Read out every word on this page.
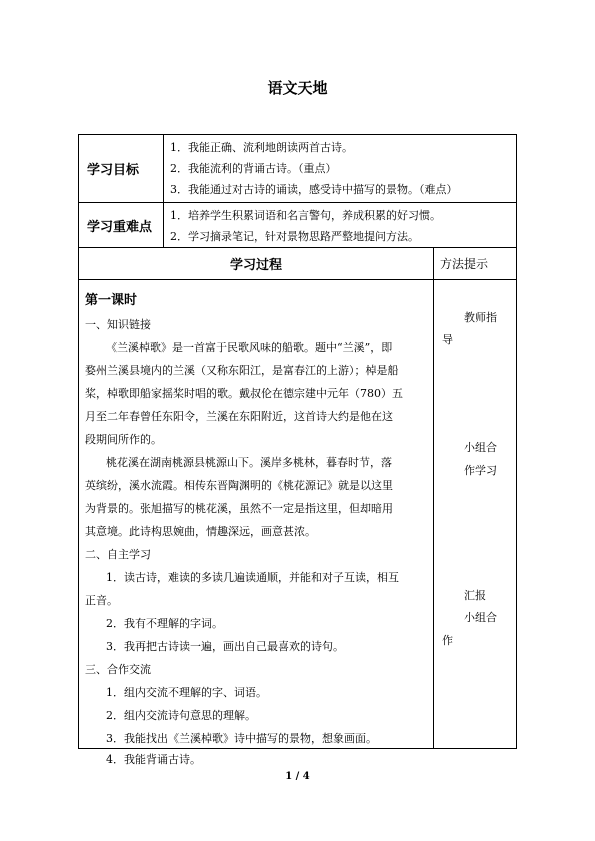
语文天地
学习目标
1．我能正确、流利地朗读两首古诗。
2．我能流利的背诵古诗。（重点）
3．我能通过对古诗的诵读，感受诗中描写的景物。（难点）
学习重难点
1．培养学生积累词语和名言警句，养成积累的好习惯。
2．学习摘录笔记，针对景物思路严整地提问方法。
学习过程	方法提示
第一课时
一、知识链接
《兰溪棹歌》是一首富于民歌风味的船歌。题中“兰溪”，即
婺州兰溪县境内的兰溪（又称东阳江，是富春江的上游）；棹是船
桨，棹歌即船家摇桨时唱的歌。戴叔伦在德宗建中元年（780）五
月至二年春曾任东阳令，兰溪在东阳附近，这首诗大约是他在这
段期间所作的。
桃花溪在湖南桃源县桃源山下。溪岸多桃林，暮春时节，落
英缤纷，溪水流霞。相传东晋陶渊明的《桃花源记》就是以这里
为背景的。张旭描写的桃花溪，虽然不一定是指这里，但却暗用
其意境。此诗构思婉曲，情趣深远，画意甚浓。
二、自主学习
1．读古诗，难读的多读几遍读通顺，并能和对子互读，相互
正音。
2．我有不理解的字词。
3．我再把古诗读一遍，画出自己最喜欢的诗句。
三、合作交流
1．组内交流不理解的字、词语。
2．组内交流诗句意思的理解。
3．我能找出《兰溪棹歌》诗中描写的景物，想象画面。
4．我能背诵古诗。
教师指
导
小组合
作学习
汇报
小组合
作
1 / 4
